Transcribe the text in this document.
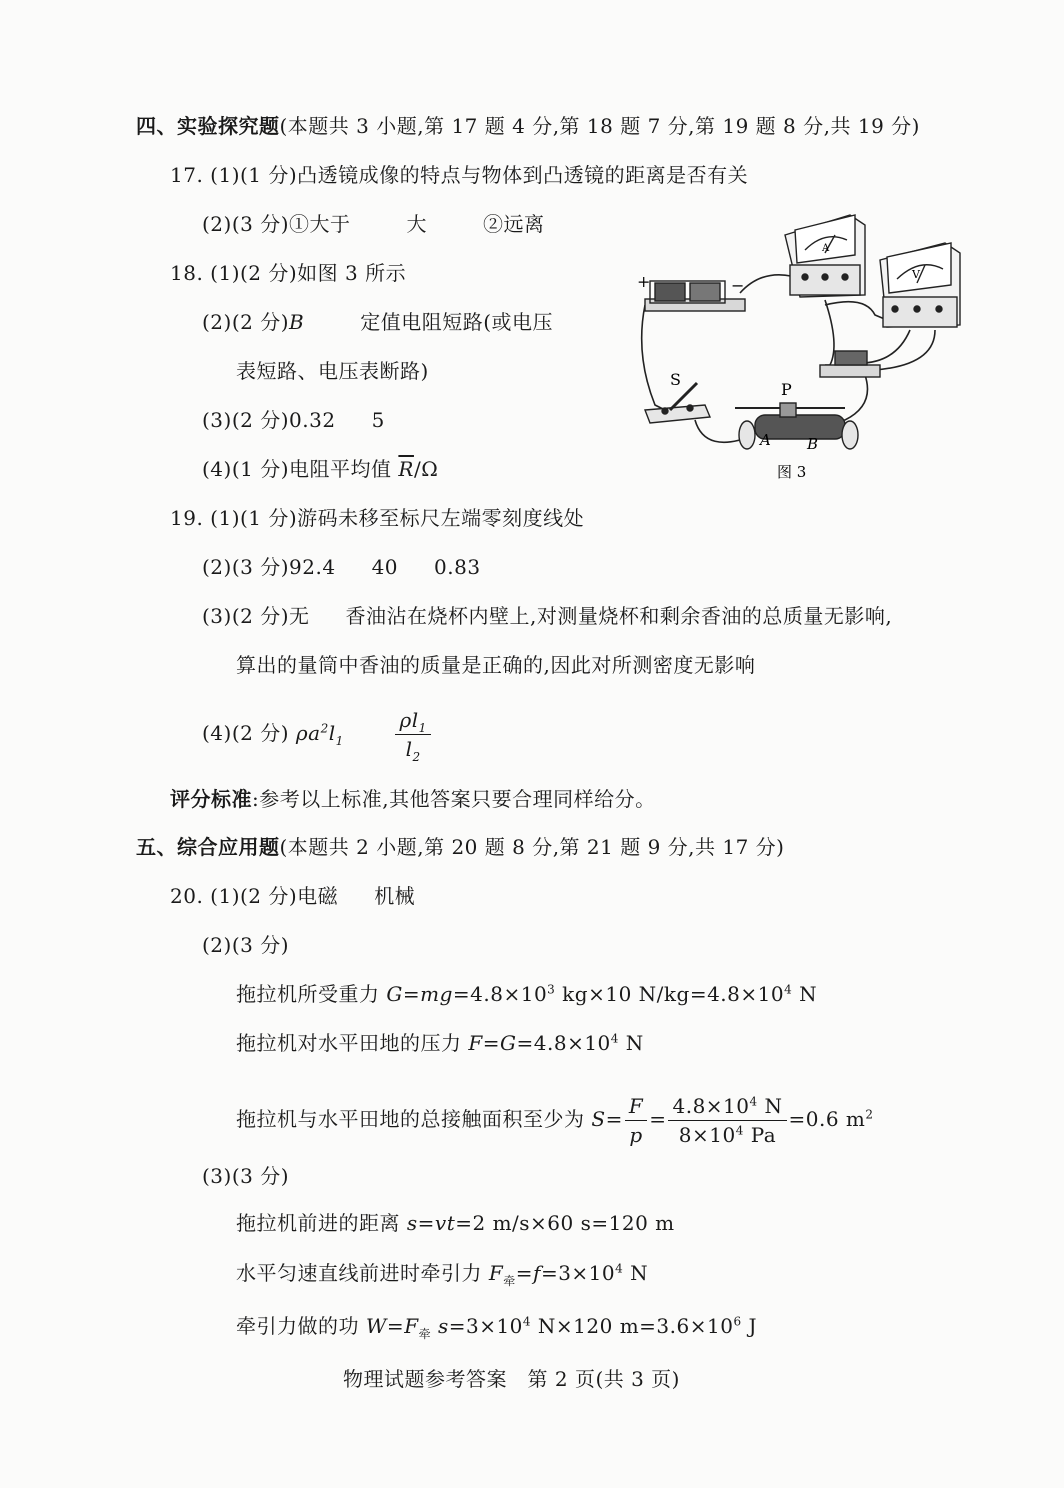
四、实验探究题(本题共 3 小题,第 17 题 4 分,第 18 题 7 分,第 19 题 8 分,共 19 分)
17. (1)(1 分)凸透镜成像的特点与物体到凸透镜的距离是否有关
(2)(3 分)①大于	大	②远离
18. (1)(2 分)如图 3 所示
(2)(2 分)B	定值电阻短路(或电压
表短路、电压表断路)
(3)(2 分)0.32 5
(4)(1 分)电阻平均值 $\overline{R}/\Omega$
+	−
A
V
S
P
A B
图 3
19. (1)(1 分)游码未移至标尺左端零刻度线处
(2)(3 分)92.4 40 0.83
(3)(2 分)无 香油沾在烧杯内壁上,对测量烧杯和剩余香油的总质量无影响,
算出的量筒中香油的质量是正确的,因此对所测密度无影响
(4)(2 分) $\rho a^2l_1$	$\frac{\rho l_1}{l_2}$
评分标准:参考以上标准,其他答案只要合理同样给分。
五、综合应用题(本题共 2 小题,第 20 题 8 分,第 21 题 9 分,共 17 分)
20. (1)(2 分)电磁 机械
(2)(3 分)
拖拉机所受重力 $G=mg=4.8\times 10^3$ kg×10 $N/kg=4.8\times 10^4$ N
拖拉机对水平田地的压力 $F=G=4.8\times 10^4$ N
拖拉机与水平田地的总接触面积至少为 $S= \frac{F}{p} = \frac{4.8\times 10^4 N}{8\times 10^4 Pa} =0.6$ $m^2$
(3)(3 分)
拖拉机前进的距离 s=vt=2 m/s×60 s=120 m
水平匀速直线前进时牵引力 $F_牵=f=3\times 10^4$ N
牵引力做的功 $W=F_牵$ $s=3\times 10^4$ N×120 $m=3.6\times 10^6$ J
物理试题参考答案　第 2 页(共 3 页)
